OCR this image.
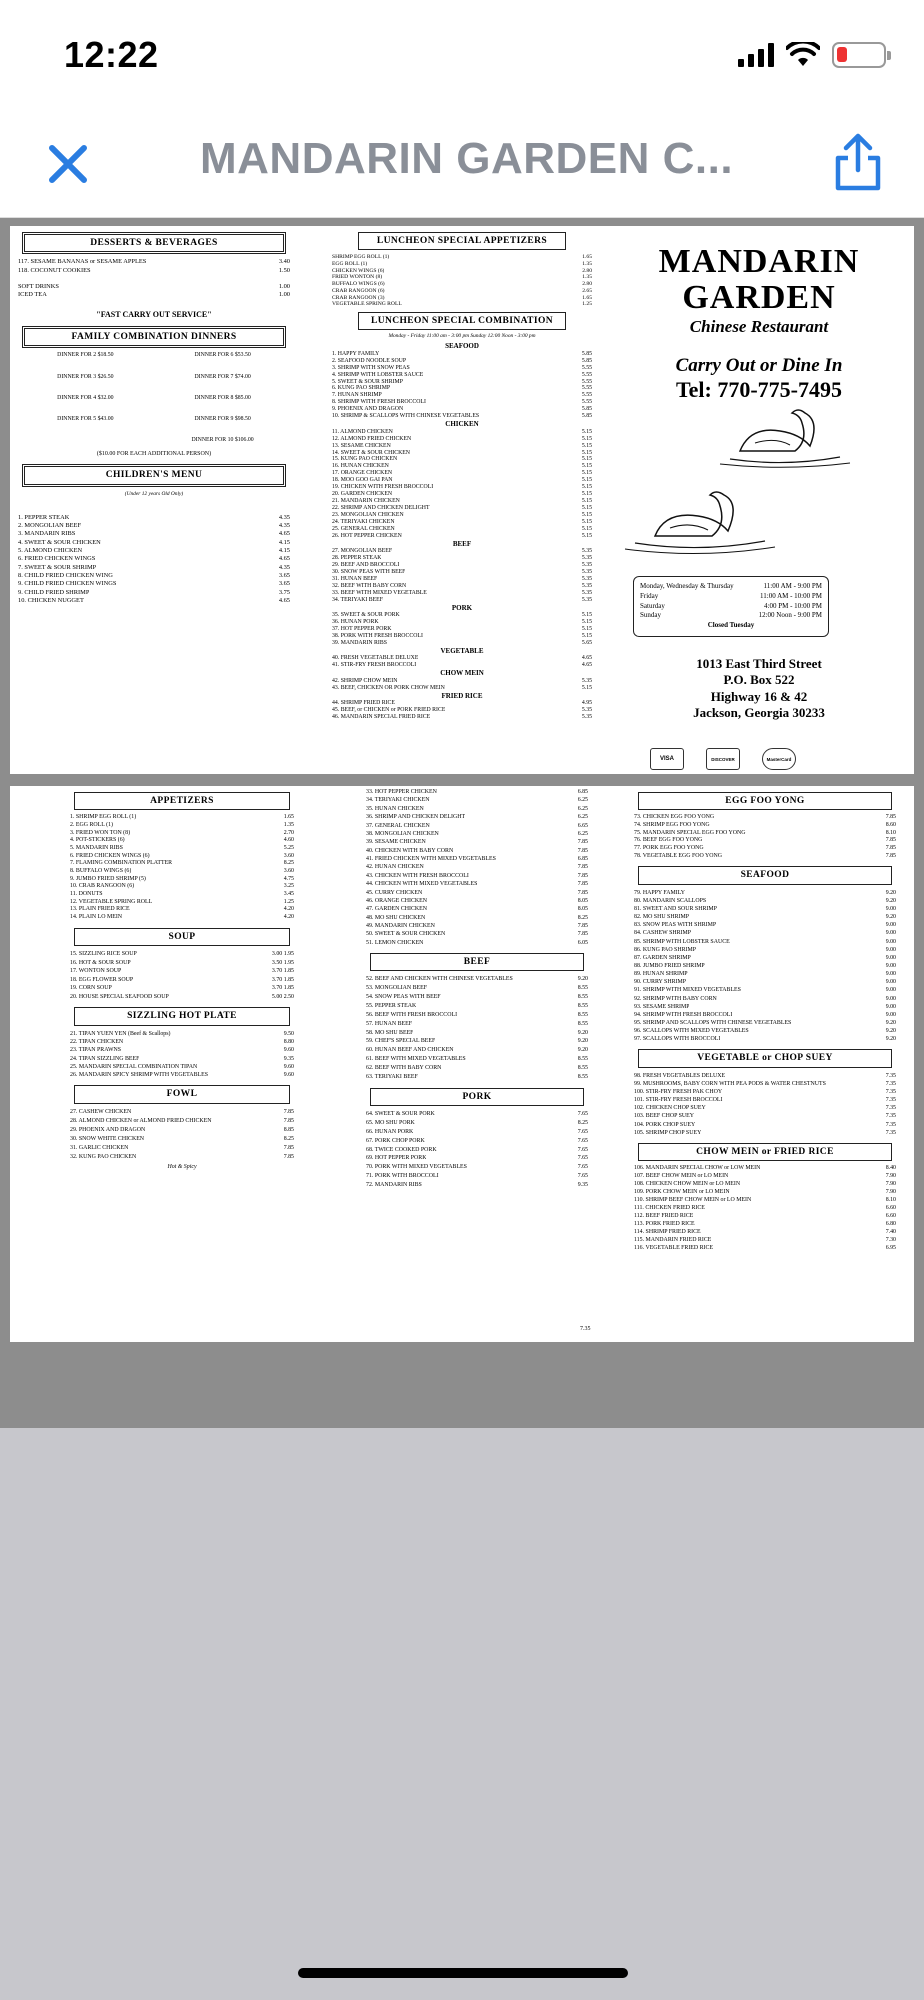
12:22
MANDARIN GARDEN C...
DESSERTS & BEVERAGES
117. SESAME BANANAS or SESAME APPLES	3.40
118. COCONUT COOKIES	1.50
SOFT DRINKS	1.00
ICED TEA	1.00
"FAST CARRY OUT SERVICE"
FAMILY COMBINATION DINNERS
DINNER FOR 2 $18.50	DINNER FOR 6 $53.50
DINNER FOR 3 $26.50	DINNER FOR 7 $74.00
DINNER FOR 4 $32.00	DINNER FOR 8 $85.00
DINNER FOR 5 $43.00	DINNER FOR 9 $98.50
DINNER FOR 10 $106.00
($10.00 FOR EACH ADDITIONAL PERSON)
CHILDREN'S MENU
(Under 12 years Old Only)
1. PEPPER STEAK	4.35
2. MONGOLIAN BEEF	4.35
3. MANDARIN RIBS	4.65
4. SWEET & SOUR CHICKEN	4.15
5. ALMOND CHICKEN	4.15
6. FRIED CHICKEN WINGS	4.65
7. SWEET & SOUR SHRIMP	4.35
8. CHILD FRIED CHICKEN WING	3.65
9. CHILD FRIED CHICKEN WINGS	3.65
9. CHILD FRIED SHRIMP	3.75
10. CHICKEN NUGGET	4.65
LUNCHEON SPECIAL APPETIZERS
SHRIMP EGG ROLL (1)	1.65
EGG ROLL (1)	1.35
CHICKEN WINGS (6)	2.80
FRIED WONTON (8)	1.35
BUFFALO WINGS (6)	2.80
CRAB RANGOON (6)	2.65
CRAB RANGOON (3)	1.65
VEGETABLE SPRING ROLL	1.25
LUNCHEON SPECIAL COMBINATION
Monday - Friday 11:00 am - 3:00 pm Sunday 12:00 Noon - 3:00 pm
SEAFOOD
1. HAPPY FAMILY	5.85
2. SEAFOOD NOODLE SOUP	5.85
3. SHRIMP WITH SNOW PEAS	5.55
4. SHRIMP WITH LOBSTER SAUCE	5.55
5. SWEET & SOUR SHRIMP	5.55
6. KUNG PAO SHRIMP	5.55
7. HUNAN SHRIMP	5.55
8. SHRIMP WITH FRESH BROCCOLI	5.55
9. PHOENIX AND DRAGON	5.85
10. SHRIMP & SCALLOPS WITH CHINESE VEGETABLES	5.85
CHICKEN
11. ALMOND CHICKEN	5.15
12. ALMOND FRIED CHICKEN	5.15
13. SESAME CHICKEN	5.15
14. SWEET & SOUR CHICKEN	5.15
15. KUNG PAO CHICKEN	5.15
16. HUNAN CHICKEN	5.15
17. ORANGE CHICKEN	5.15
18. MOO GOO GAI PAN	5.15
19. CHICKEN WITH FRESH BROCCOLI	5.15
20. GARDEN CHICKEN	5.15
21. MANDARIN CHICKEN	5.15
22. SHRIMP AND CHICKEN DELIGHT	5.15
23. MONGOLIAN CHICKEN	5.15
24. TERIYAKI CHICKEN	5.15
25. GENERAL CHICKEN	5.15
26. HOT PEPPER CHICKEN	5.15
BEEF
27. MONGOLIAN BEEF	5.35
28. PEPPER STEAK	5.35
29. BEEF AND BROCCOLI	5.35
30. SNOW PEAS WITH BEEF	5.35
31. HUNAN BEEF	5.35
32. BEEF WITH BABY CORN	5.35
33. BEEF WITH MIXED VEGETABLE	5.35
34. TERIYAKI BEEF	5.35
PORK
35. SWEET & SOUR PORK	5.15
36. HUNAN PORK	5.15
37. HOT PEPPER PORK	5.15
38. PORK WITH FRESH BROCCOLI	5.15
39. MANDARIN RIBS	5.65
VEGETABLE
40. FRESH VEGETABLE DELUXE	4.65
41. STIR-FRY FRESH BROCCOLI	4.65
CHOW MEIN
42. SHRIMP CHOW MEIN	5.35
43. BEEF, CHICKEN OR PORK CHOW MEIN	5.15
FRIED RICE
44. SHRIMP FRIED RICE	4.95
45. BEEF, or CHICKEN or PORK FRIED RICE	5.35
46. MANDARIN SPECIAL FRIED RICE	5.35
MANDARIN
GARDEN
Chinese Restaurant
Carry Out or Dine In
Tel: 770-775-7495
Monday, Wednesday & Thursday	11:00 AM - 9:00 PM
Friday	11:00 AM - 10:00 PM
Saturday	4:00 PM - 10:00 PM
Sunday	12:00 Noon - 9:00 PM
Closed Tuesday
1013 East Third Street
P.O. Box 522
Highway 16 & 42
Jackson, Georgia 30233
VISA	DISCOVER	MasterCard
APPETIZERS
1. SHRIMP EGG ROLL (1)	1.65
2. EGG ROLL (1)	1.35
3. FRIED WON TON (8)	2.70
4. POT-STICKERS (6)	4.60
5. MANDARIN RIBS	5.25
6. FRIED CHICKEN WINGS (6)	3.60
7. FLAMING COMBINATION PLATTER	8.25
8. BUFFALO WINGS (6)	3.60
9. JUMBO FRIED SHRIMP (5)	4.75
10. CRAB RANGOON (6)	3.25
11. DONUTS	3.45
12. VEGETABLE SPRING ROLL	1.25
13. PLAIN FRIED RICE	4.20
14. PLAIN LO MEIN	4.20
SOUP
15. SIZZLING RICE SOUP	3.00 1.95
16. HOT & SOUR SOUP	3.50 1.95
17. WONTON SOUP	3.70 1.85
18. EGG FLOWER SOUP	3.70 1.85
19. CORN SOUP	3.70 1.85
20. HOUSE SPECIAL SEAFOOD SOUP	5.00 2.50
SIZZLING HOT PLATE
21. TIPAN YUEN YEN (Beef & Scallops)	9.50
22. TIPAN CHICKEN	8.80
23. TIPAN PRAWNS	9.60
24. TIPAN SIZZLING BEEF	9.35
25. MANDARIN SPECIAL COMBINATION TIPAN	9.60
26. MANDARIN SPICY SHRIMP WITH VEGETABLES	9.60
FOWL
27. CASHEW CHICKEN	7.85
28. ALMOND CHICKEN or ALMOND FRIED CHICKEN	7.85
29. PHOENIX AND DRAGON	8.85
30. SNOW WHITE CHICKEN	8.25
31. GARLIC CHICKEN	7.85
32. KUNG PAO CHICKEN	7.85
Hot & Spicy
33. HOT PEPPER CHICKEN	6.85
34. TERIYAKI CHICKEN	6.25
35. HUNAN CHICKEN	6.25
36. SHRIMP AND CHICKEN DELIGHT	6.25
37. GENERAL CHICKEN	6.65
38. MONGOLIAN CHICKEN	6.25
39. SESAME CHICKEN	7.85
40. CHICKEN WITH BABY CORN	7.85
41. FRIED CHICKEN WITH MIXED VEGETABLES	6.85
42. HUNAN CHICKEN	7.85
43. CHICKEN WITH FRESH BROCCOLI	7.85
44. CHICKEN WITH MIXED VEGETABLES	7.85
45. CURRY CHICKEN	7.85
46. ORANGE CHICKEN	8.05
47. GARDEN CHICKEN	8.05
48. MO SHU CHICKEN	8.25
49. MANDARIN CHICKEN	7.85
50. SWEET & SOUR CHICKEN	7.85
51. LEMON CHICKEN	6.05
BEEF
52. BEEF AND CHICKEN WITH CHINESE VEGETABLES	9.20
53. MONGOLIAN BEEF	8.55
54. SNOW PEAS WITH BEEF	8.55
55. PEPPER STEAK	8.55
56. BEEF WITH FRESH BROCCOLI	8.55
57. HUNAN BEEF	8.55
58. MO SHU BEEF	9.20
59. CHEF'S SPECIAL BEEF	9.20
60. HUNAN BEEF AND CHICKEN	9.20
61. BEEF WITH MIXED VEGETABLES	8.55
62. BEEF WITH BABY CORN	8.55
63. TERIYAKI BEEF	8.55
PORK
64. SWEET & SOUR PORK	7.65
65. MO SHU PORK	8.25
66. HUNAN PORK	7.65
67. PORK CHOP PORK	7.65
68. TWICE COOKED PORK	7.65
69. HOT PEPPER PORK	7.65
70. PORK WITH MIXED VEGETABLES	7.65
71. PORK WITH BROCCOLI	7.65
72. MANDARIN RIBS	9.35
EGG FOO YONG
73. CHICKEN EGG FOO YONG	7.85
74. SHRIMP EGG FOO YONG	8.60
75. MANDARIN SPECIAL EGG FOO YONG	8.10
76. BEEF EGG FOO YONG	7.85
77. PORK EGG FOO YONG	7.85
78. VEGETABLE EGG FOO YONG	7.85
SEAFOOD
79. HAPPY FAMILY	9.20
80. MANDARIN SCALLOPS	9.20
81. SWEET AND SOUR SHRIMP	9.00
82. MO SHU SHRIMP	9.20
83. SNOW PEAS WITH SHRIMP	9.00
84. CASHEW SHRIMP	9.00
85. SHRIMP WITH LOBSTER SAUCE	9.00
86. KUNG PAO SHRIMP	9.00
87. GARDEN SHRIMP	9.00
88. JUMBO FRIED SHRIMP	9.00
89. HUNAN SHRIMP	9.00
90. CURRY SHRIMP	9.00
91. SHRIMP WITH MIXED VEGETABLES	9.00
92. SHRIMP WITH BABY CORN	9.00
93. SESAME SHRIMP	9.00
94. SHRIMP WITH FRESH BROCCOLI	9.00
95. SHRIMP AND SCALLOPS WITH CHINESE VEGETABLES	9.20
96. SCALLOPS WITH MIXED VEGETABLES	9.20
97. SCALLOPS WITH BROCCOLI	9.20
VEGETABLE or CHOP SUEY
98. FRESH VEGETABLES DELUXE	7.35
99. MUSHROOMS, BABY CORN WITH PEA PODS & WATER CHESTNUTS	7.35
100. STIR-FRY FRESH PAK CHOY	7.35
101. STIR-FRY FRESH BROCCOLI	7.35
102. CHICKEN CHOP SUEY	7.35
103. BEEF CHOP SUEY	7.35
104. PORK CHOP SUEY	7.35
105. SHRIMP CHOP SUEY	7.35
CHOW MEIN or FRIED RICE
106. MANDARIN SPECIAL CHOW or LOW MEIN	8.40
107. BEEF CHOW MEIN or LO MEIN	7.90
108. CHICKEN CHOW MEIN or LO MEIN	7.90
109. PORK CHOW MEIN or LO MEIN	7.90
110. SHRIMP BEEF CHOW MEIN or LO MEIN	8.10
111. CHICKEN FRIED RICE	6.60
112. BEEF FRIED RICE	6.60
113. PORK FRIED RICE	6.80
114. SHRIMP FRIED RICE	7.40
115. MANDARIN FRIED RICE	7.30
116. VEGETABLE FRIED RICE	6.95
7.35
